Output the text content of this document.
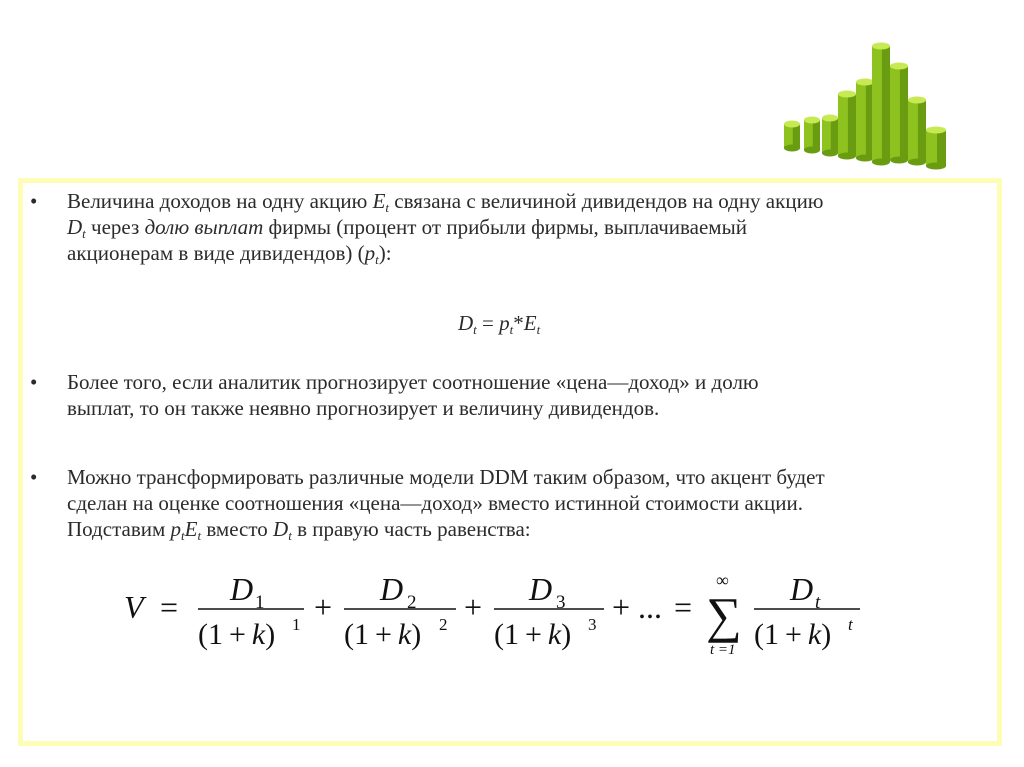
• Величина доходов на одну акцию $E_t$ связана с величиной дивидендов на одну акцию
$D_t$ через долю выплат фирмы (процент от прибыли фирмы, выплачиваемый
акционерам в виде дивидендов) $(p_t)$:
$D_t = p_t*E_t$
• Более того, если аналитик прогнозирует соотношение «цена—доход» и долю
выплат, то он также неявно прогнозирует и величину дивидендов.
• Можно трансформировать различные модели DDM таким образом, что акцент будет
сделан на оценке соотношения «цена—доход» вместо истинной стоимости акции.
Подставим $p_tE_t$ вместо $D_t$ в правую часть равенства:
V = D 1
(1 + k) 1 + D 2
(1 + k) 2 + D 3
(1 + k) 3 + ... =
∞
∑
t =1
D t
(1 + k) t
